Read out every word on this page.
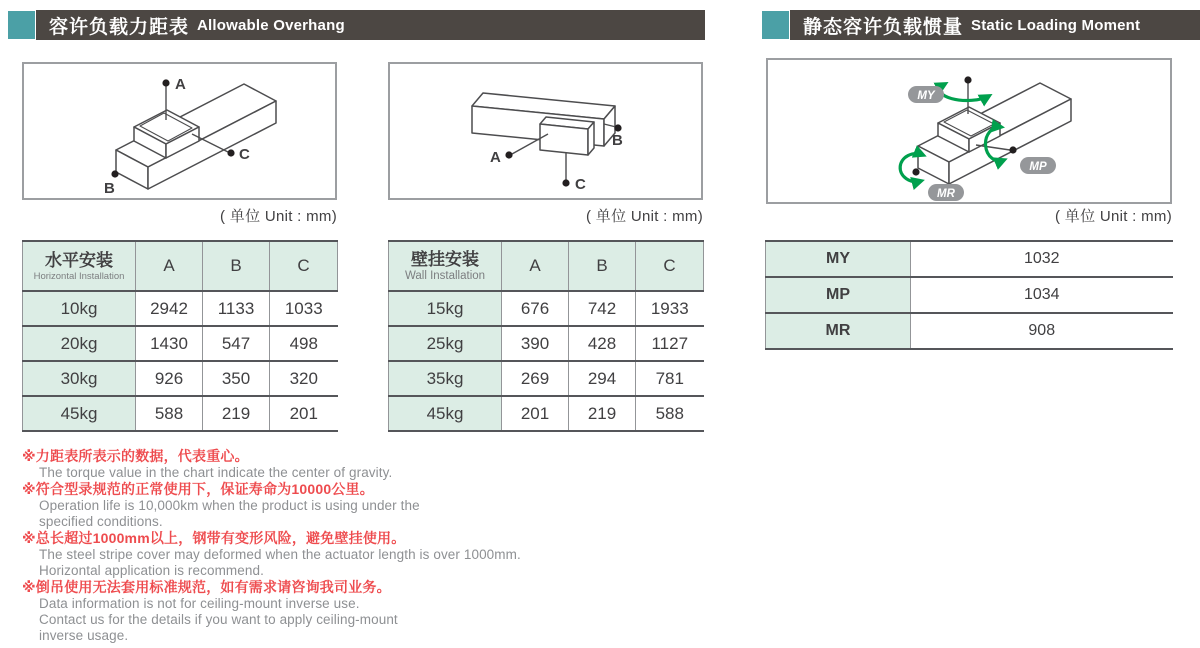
容许负载力距表 Allowable Overhang	静态容许负载惯量 Static Loading Moment
A
C
B
( 单位 Unit : mm)
A
B
C
( 单位 Unit : mm)
MY
MP
MR
( 单位 Unit : mm)
水平安装
Horizontal Installation	A	B	C
10kg	2942	1133	1033
20kg	1430	547	498
30kg	926	350	320
45kg	588	219	201
壁挂安装
Wall Installation	A	B	C
15kg	676	742	1933
25kg	390	428	1127
35kg	269	294	781
45kg	201	219	588
MY	1032
MP	1034
MR	908
※力距表所表示的数据，代表重心。
The torque value in the chart indicate the center of gravity.
※符合型录规范的正常使用下，保证寿命为10000公里。
Operation life is 10,000km when the product is using under the
specified conditions.
※总长超过1000mm以上，钢带有变形风险，避免壁挂使用。
The steel stripe cover may deformed when the actuator length is over 1000mm.
Horizontal application is recommend.
※倒吊使用无法套用标准规范，如有需求请咨询我司业务。
Data information is not for ceiling-mount inverse use.
Contact us for the details if you want to apply ceiling-mount
inverse usage.
